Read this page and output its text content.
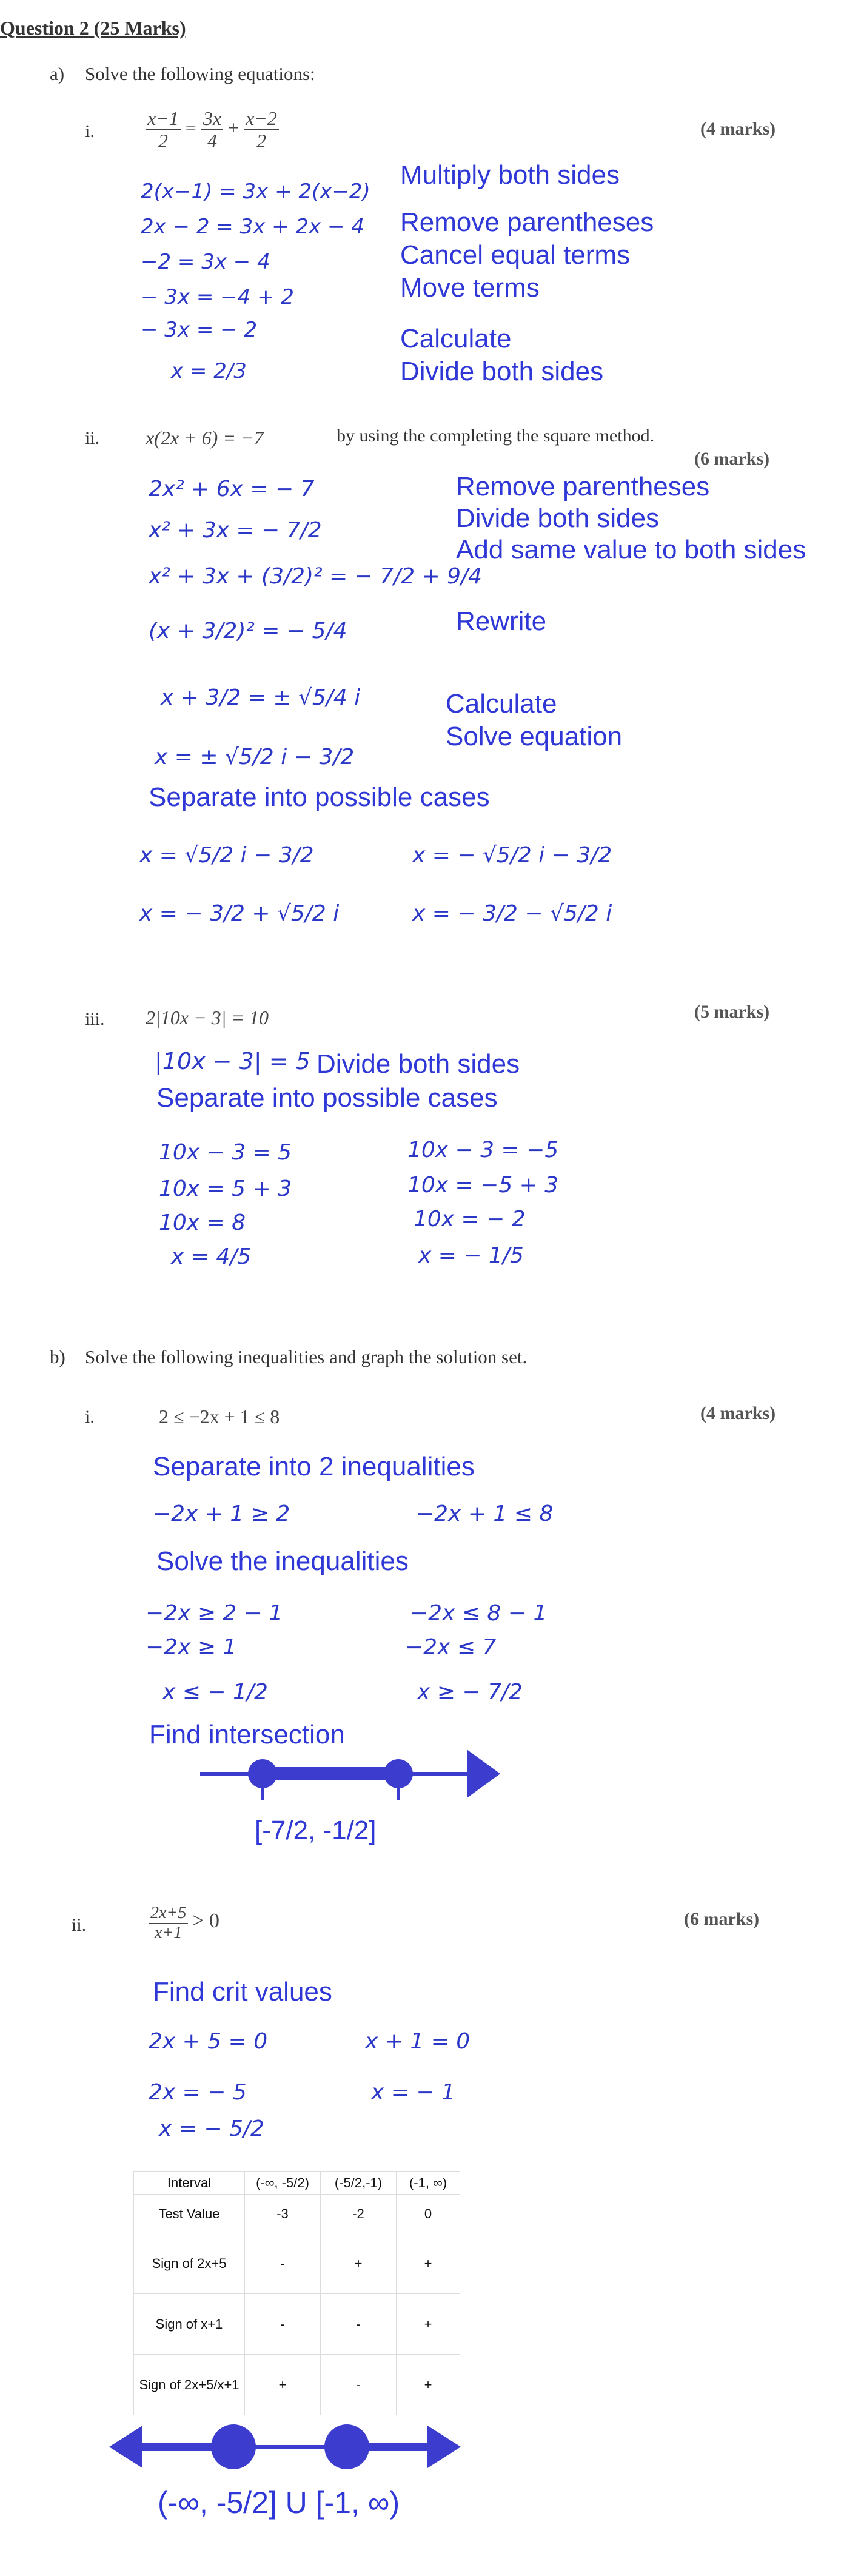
Question 2 (25 Marks)
a) Solve the following equations:
i.	$\frac{x-1}{2} = \frac{3x}{4} + \frac{x-2}{2}$	(4 marks)
2(x−1) = 3x + 2(x−2)
2x − 2 = 3x + 2x − 4
−2 = 3x − 4
− 3x = −4 + 2
− 3x = − 2
x = 2/3
Multiply both sides
Remove parentheses
Cancel equal terms
Move terms
Calculate
Divide both sides
ii. x(2x + 6) = −7	by using the completing the square method.
(6 marks)
2x² + 6x = − 7
x² + 3x = − 7/2
x² + 3x + (3/2)² = − 7/2 + 9/4
(x + 3/2)² = − 5/4
x + 3/2 = ± √5/4 i
x = ± √5/2 i − 3/2
Remove parentheses
Divide both sides
Add same value to both sides
Rewrite
Calculate
Solve equation
Separate into possible cases
x = √5/2 i − 3/2	x = − √5/2 i − 3/2
x = − 3/2 + √5/2 i	x = − 3/2 − √5/2 i
iii. 2|10x − 3| = 10	(5 marks)
|10x − 3| = 5 Divide both sides
Separate into possible cases
10x − 3 = 5
10x = 5 + 3
10x = 8
x = 4/5
10x − 3 = −5
10x = −5 + 3
10x = − 2
x = − 1/5
b) Solve the following inequalities and graph the solution set.
i.	2 ≤ −2x + 1 ≤ 8	(4 marks)
Separate into 2 inequalities
−2x + 1 ≥ 2	−2x + 1 ≤ 8
Solve the inequalities
−2x ≥ 2 − 1
−2x ≥ 1
x ≤ − 1/2
−2x ≤ 8 − 1
−2x ≤ 7
x ≥ − 7/2
Find intersection
[-7/2, -1/2]
ii.	$\frac{2x+5}{x+1} > 0$	(6 marks)
Find crit values
2x + 5 = 0
2x = − 5
x = − 5/2
x + 1 = 0
x = − 1
Interval	(-∞, -5/2)	(-5/2,-1)	(-1, ∞)
Test Value	-3	-2	0
Sign of 2x+5	-	+	+
Sign of x+1	-	-	+
Sign of 2x+5/x+1	+	-	+
(-∞, -5/2] U [-1, ∞)
